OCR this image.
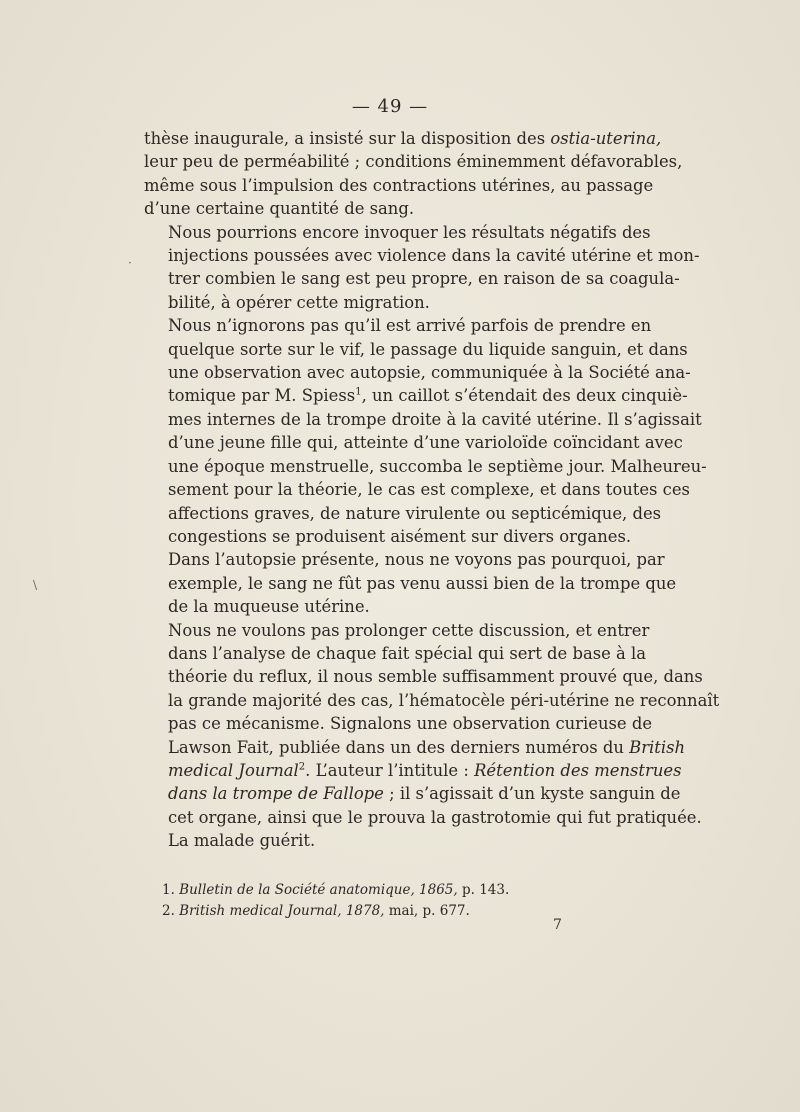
— 49 —

thèse inaugurale, a insisté sur la disposition des ostia-uterina,
leur peu de perméabilité ; conditions éminemment défavorables,
même sous l’impulsion des contractions utérines, au passage
d’une certaine quantité de sang.

Nous pourrions encore invoquer les résultats négatifs des
injections poussées avec violence dans la cavité utérine et mon-
trer combien le sang est peu propre, en raison de sa coagula-
bilité, à opérer cette migration.

Nous n’ignorons pas qu’il est arrivé parfois de prendre en
quelque sorte sur le vif, le passage du liquide sanguin, et dans
une observation avec autopsie, communiquée à la Société ana-
tomique par M. Spiess$^1$, un caillot s’étendait des deux cinquiè-
mes internes de la trompe droite à la cavité utérine. Il s’agissait
d’une jeune fille qui, atteinte d’une varioloïde coïncidant avec
une époque menstruelle, succomba le septième jour. Malheureu-
sement pour la théorie, le cas est complexe, et dans toutes ces
affections graves, de nature virulente ou septicémique, des
congestions se produisent aisément sur divers organes.

Dans l’autopsie présente, nous ne voyons pas pourquoi, par
exemple, le sang ne fût pas venu aussi bien de la trompe que
de la muqueuse utérine.

Nous ne voulons pas prolonger cette discussion, et entrer
dans l’analyse de chaque fait spécial qui sert de base à la
théorie du reflux, il nous semble suffisamment prouvé que, dans
la grande majorité des cas, l’hématocèle péri-utérine ne reconnaît
pas ce mécanisme. Signalons une observation curieuse de
Lawson Fait, publiée dans un des derniers numéros du British
medical Journal$^2$. L’auteur l’intitule : Rétention des menstrues
dans la trompe de Fallope ; il s’agissait d’un kyste sanguin de
cet organe, ainsi que le prouva la gastrotomie qui fut pratiquée.
La malade guérit.

1. Bulletin de la Société anatomique, 1865, p. 143.
2. British medical Journal, 1878, mai, p. 677.
7
·
\
